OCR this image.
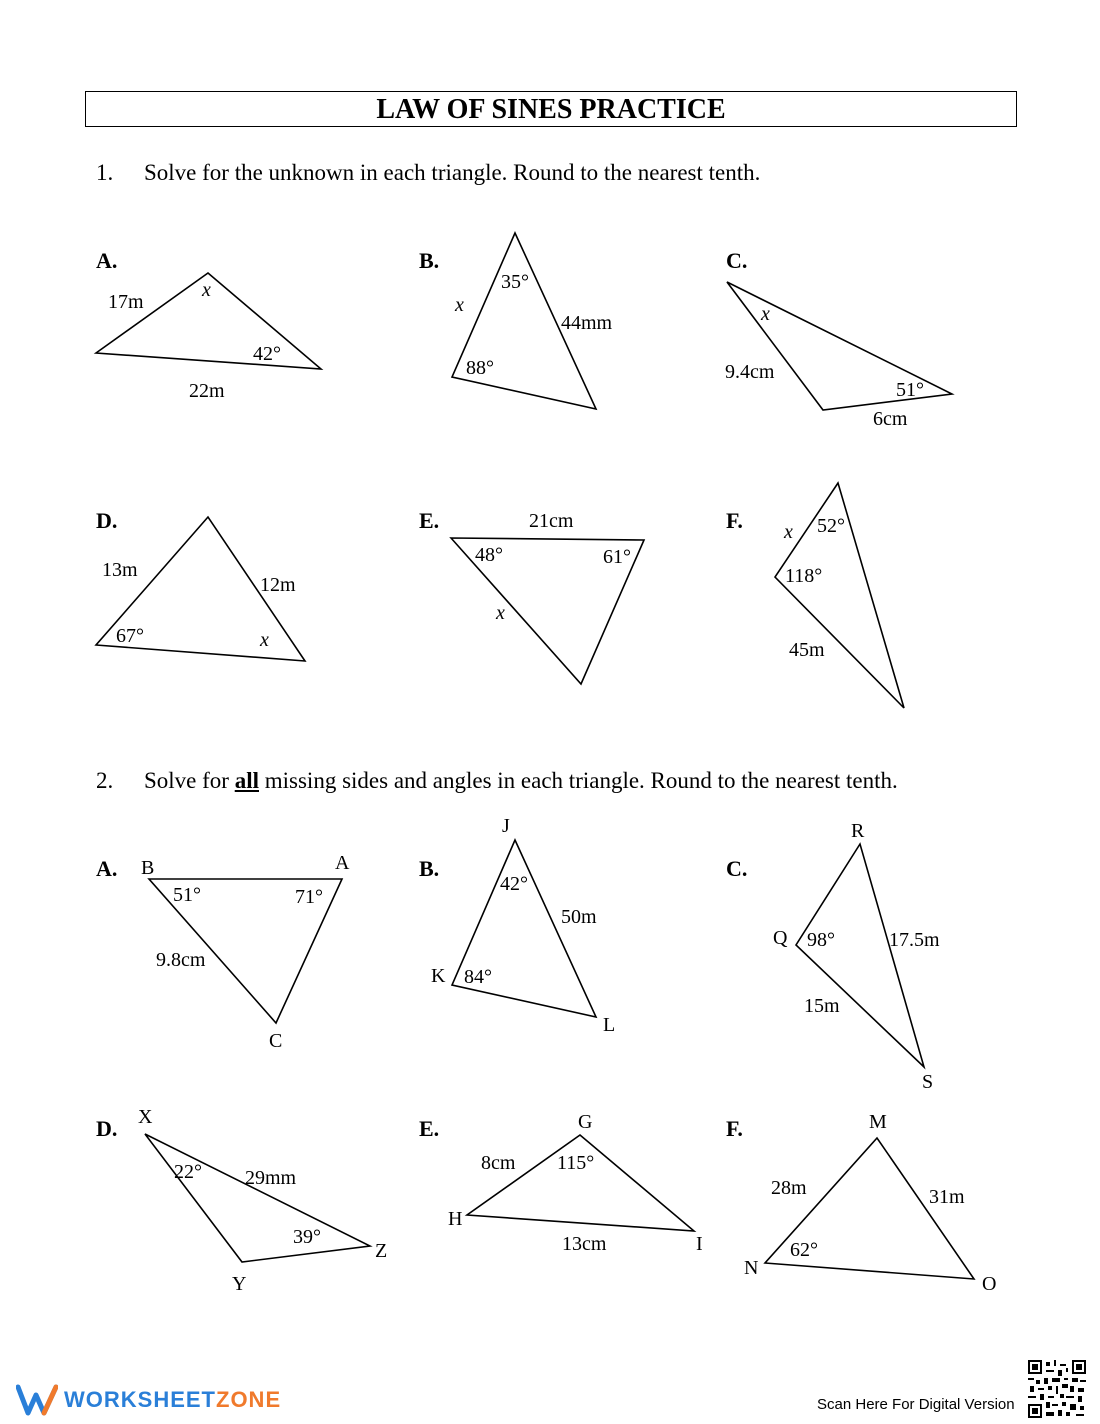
LAW OF SINES PRACTICE
1. Solve for the unknown in each triangle. Round to the nearest tenth.
2. Solve for all missing sides and angles in each triangle. Round to the nearest tenth.
A.
17m
x
42°
22m
B.
35°
x
44mm
88°
C.
x
9.4cm
51°
6cm
D.
13m
12m
67°	x
E.	21cm
48°	61°
x
F. x 52°
118°
45m
A. B	A
C
51°	71°
9.8cm
B.
J
K
L
42°
84°
50m
C.
R
Q
S
98°	17.5m
15m
D. X
Y
Z
22°
39°
29mm
E.	G
H
I
115°
8cm
13cm
F.	M
N
O
62°
28m	31m
WORKSHEETZONE	Scan Here For Digital Version
